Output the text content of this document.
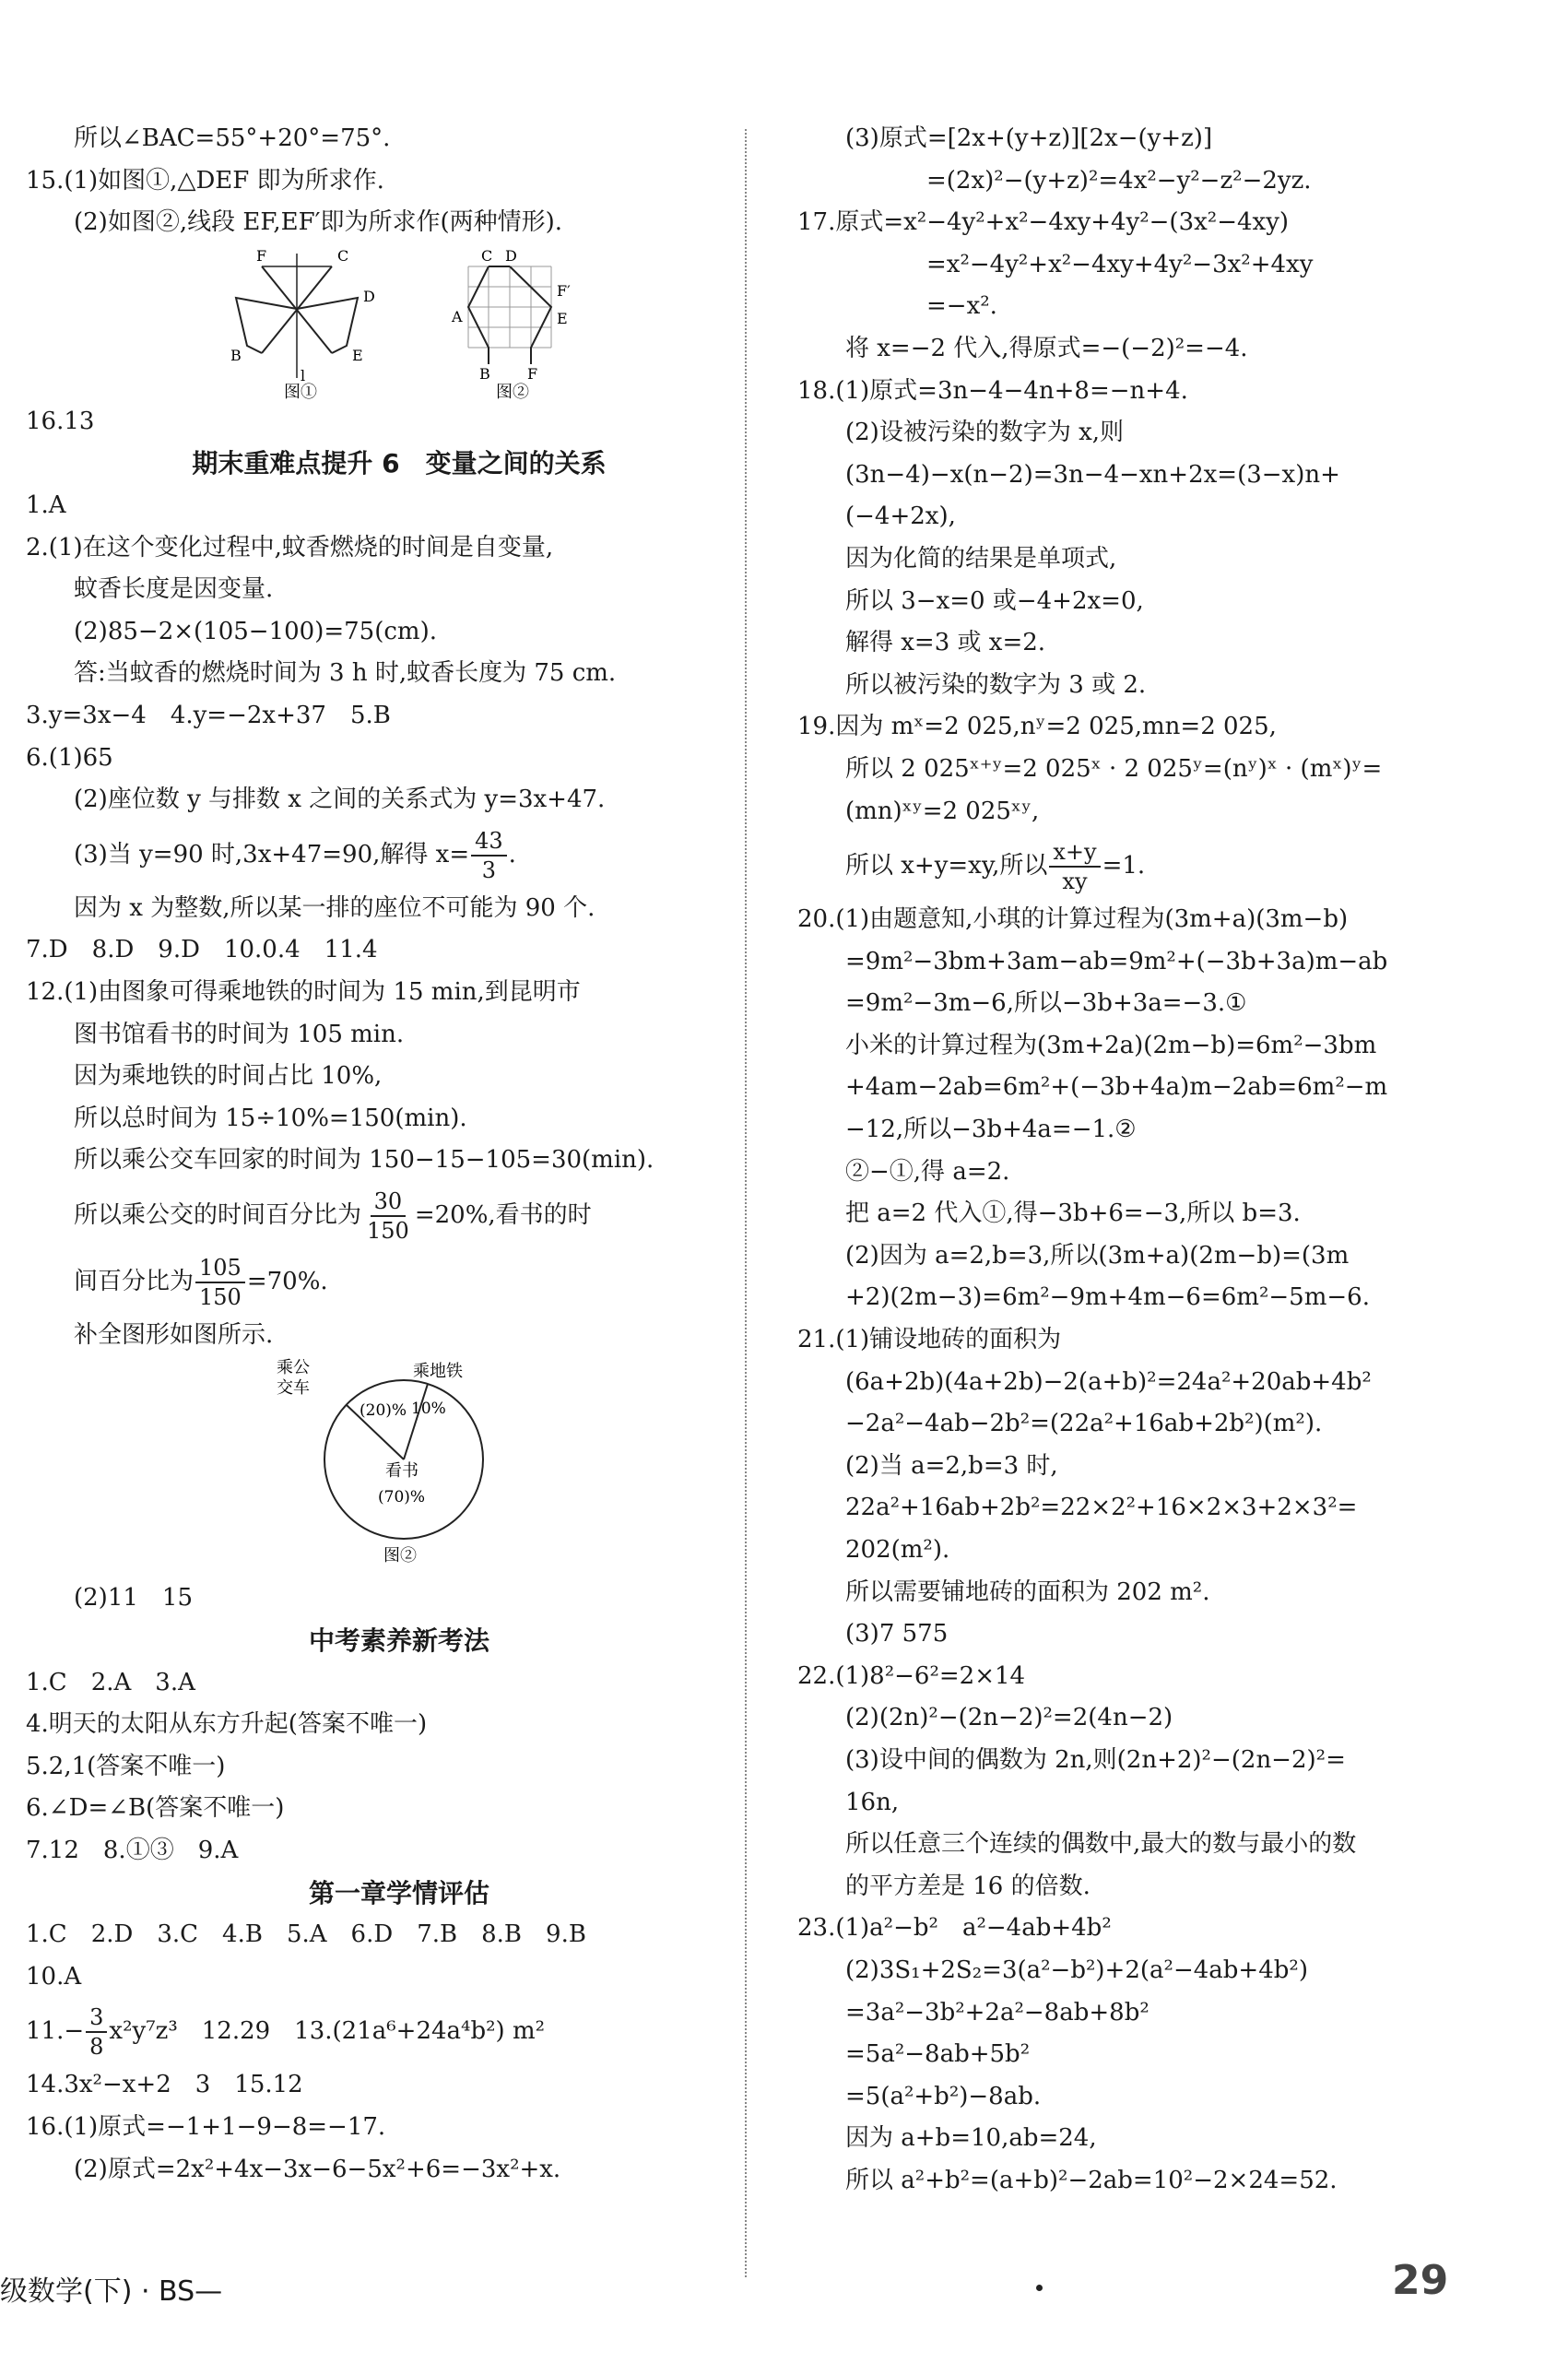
所以∠BAC=55°+20°=75°.
15.(1)如图①,△DEF 即为所求作.
(2)如图②,线段 EF,EF′即为所求作(两种情形).
F	C
D
B	E
l
图①
C D
F′
A	E
B	F
图②
16.13
期末重难点提升 6　变量之间的关系
1.A
2.(1)在这个变化过程中,蚊香燃烧的时间是自变量,
蚊香长度是因变量.
(2)85−2×(105−100)=75(cm).
答:当蚊香的燃烧时间为 3 h 时,蚊香长度为 75 cm.
3.y=3x−4　4.y=−2x+37　5.B
6.(1)65
(2)座位数 y 与排数 x 之间的关系式为 y=3x+47.
(3)当 y=90 时,3x+47=90,解得 $x= \frac{43}{3}$ .
因为 x 为整数,所以某一排的座位不可能为 90 个.
7.D　8.D　9.D　10.0.4　11.4
12.(1)由图象可得乘地铁的时间为 15 min,到昆明市
图书馆看书的时间为 105 min.
因为乘地铁的时间占比 10%,
所以总时间为 15÷10%=150(min).
所以乘公交车回家的时间为 150−15−105=30(min).
所以乘公交的时间百分比为 $\frac{30}{150} =20\%$,看书的时
间百分比为 $\frac{105}{150} =70\%$.
补全图形如图所示.
乘公
交车
(20)%
乘地铁
10%
看书
(70)%
图②
(2)11　15
中考素养新考法
1.C　2.A　3.A
4.明天的太阳从东方升起(答案不唯一)
5.2,1(答案不唯一)
6.∠D=∠B(答案不唯一)
7.12　8.①③　9.A
第一章学情评估
1.C　2.D　3.C　4.B　5.A　6.D　7.B　8.B　9.B
10.A
$11.- \frac{3}{8} x^2y^7z^3$　12.29　13.(21a⁶+24a⁴b²) m²
14.3x²−x+2　3　15.12
16.(1)原式=−1+1−9−8=−17.
(2)原式=2x²+4x−3x−6−5x²+6=−3x²+x.
(3)原式=[2x+(y+z)][2x−(y+z)]
=(2x)²−(y+z)²=4x²−y²−z²−2yz.
17.原式=x²−4y²+x²−4xy+4y²−(3x²−4xy)
=x²−4y²+x²−4xy+4y²−3x²+4xy
=−x².
将 x=−2 代入,得原式=−(−2)²=−4.
18.(1)原式=3n−4−4n+8=−n+4.
(2)设被污染的数字为 x,则
(3n−4)−x(n−2)=3n−4−xn+2x=(3−x)n+
(−4+2x),
因为化简的结果是单项式,
所以 3−x=0 或−4+2x=0,
解得 x=3 或 x=2.
所以被污染的数字为 3 或 2.
19.因为 mˣ=2 025,nʸ=2 025,mn=2 025,
所以 2 025ˣ⁺ʸ=2 025ˣ · 2 025ʸ=(nʸ)ˣ · (mˣ)ʸ=
(mn)ˣʸ=2 025ˣʸ,
所以 x+y=xy,所以 $\frac{x+y}{xy} =1$.
20.(1)由题意知,小琪的计算过程为(3m+a)(3m−b)
=9m²−3bm+3am−ab=9m²+(−3b+3a)m−ab
=9m²−3m−6,所以−3b+3a=−3.①
小米的计算过程为(3m+2a)(2m−b)=6m²−3bm
+4am−2ab=6m²+(−3b+4a)m−2ab=6m²−m
−12,所以−3b+4a=−1.②
②−①,得 a=2.
把 a=2 代入①,得−3b+6=−3,所以 b=3.
(2)因为 a=2,b=3,所以(3m+a)(2m−b)=(3m
+2)(2m−3)=6m²−9m+4m−6=6m²−5m−6.
21.(1)铺设地砖的面积为
(6a+2b)(4a+2b)−2(a+b)²=24a²+20ab+4b²
−2a²−4ab−2b²=(22a²+16ab+2b²)(m²).
(2)当 a=2,b=3 时,
22a²+16ab+2b²=22×2²+16×2×3+2×3²=
202(m²).
所以需要铺地砖的面积为 202 m².
(3)7 575
22.(1)8²−6²=2×14
(2)(2n)²−(2n−2)²=2(4n−2)
(3)设中间的偶数为 2n,则(2n+2)²−(2n−2)²=
16n,
所以任意三个连续的偶数中,最大的数与最小的数
的平方差是 16 的倍数.
23.(1)a²−b²　a²−4ab+4b²
(2)3S₁+2S₂=3(a²−b²)+2(a²−4ab+4b²)
=3a²−3b²+2a²−8ab+8b²
=5a²−8ab+5b²
=5(a²+b²)−8ab.
因为 a+b=10,ab=24,
所以 a²+b²=(a+b)²−2ab=10²−2×24=52.
级数学(下) · BS—	29
